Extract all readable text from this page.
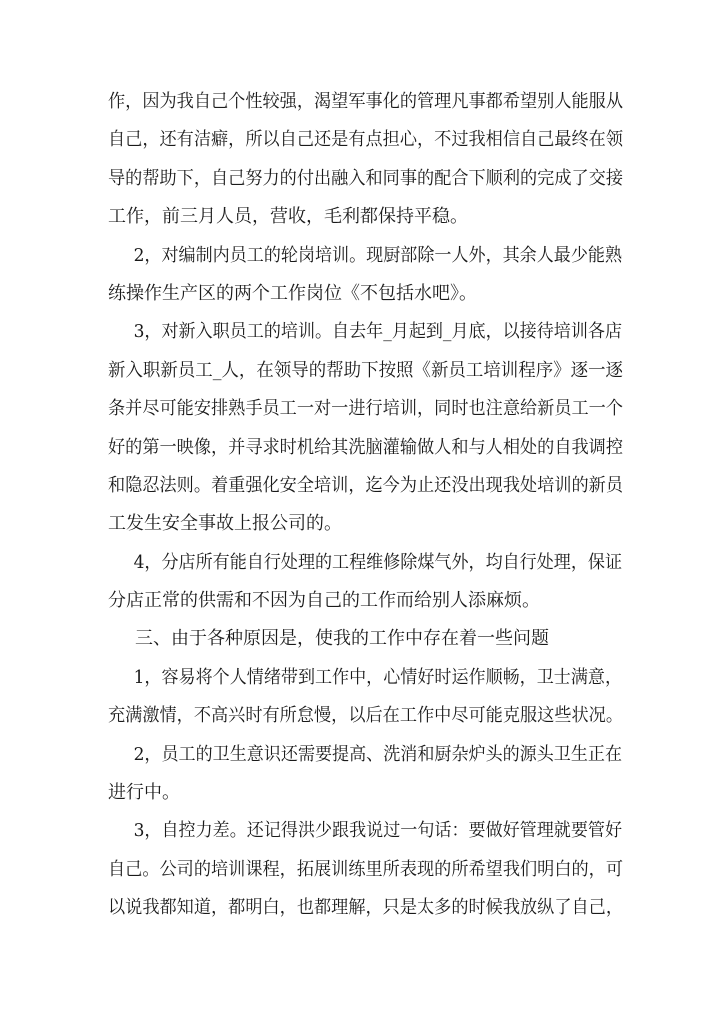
作，因为我自己个性较强，渴望军事化的管理凡事都希望别人能服从
自己，还有洁癖，所以自己还是有点担心，不过我相信自己最终在领
导的帮助下，自己努力的付出融入和同事的配合下顺利的完成了交接
工作，前三月人员，营收，毛利都保持平稳。
2，对编制内员工的轮岗培训。现厨部除一人外，其余人最少能熟
练操作生产区的两个工作岗位《不包括水吧》。
3，对新入职员工的培训。自去年_月起到_月底，以接待培训各店
新入职新员工_人，在领导的帮助下按照《新员工培训程序》逐一逐
条并尽可能安排熟手员工一对一进行培训，同时也注意给新员工一个
好的第一映像，并寻求时机给其洗脑灌输做人和与人相处的自我调控
和隐忍法则。着重强化安全培训，迄今为止还没出现我处培训的新员
工发生安全事故上报公司的。
4，分店所有能自行处理的工程维修除煤气外，均自行处理，保证
分店正常的供需和不因为自己的工作而给别人添麻烦。
三、由于各种原因是，使我的工作中存在着一些问题
1，容易将个人情绪带到工作中，心情好时运作顺畅，卫士满意，
充满激情，不高兴时有所怠慢，以后在工作中尽可能克服这些状况。
2，员工的卫生意识还需要提高、洗消和厨杂炉头的源头卫生正在
进行中。
3，自控力差。还记得洪少跟我说过一句话：要做好管理就要管好
自己。公司的培训课程，拓展训练里所表现的所希望我们明白的，可
以说我都知道，都明白，也都理解，只是太多的时候我放纵了自己，
